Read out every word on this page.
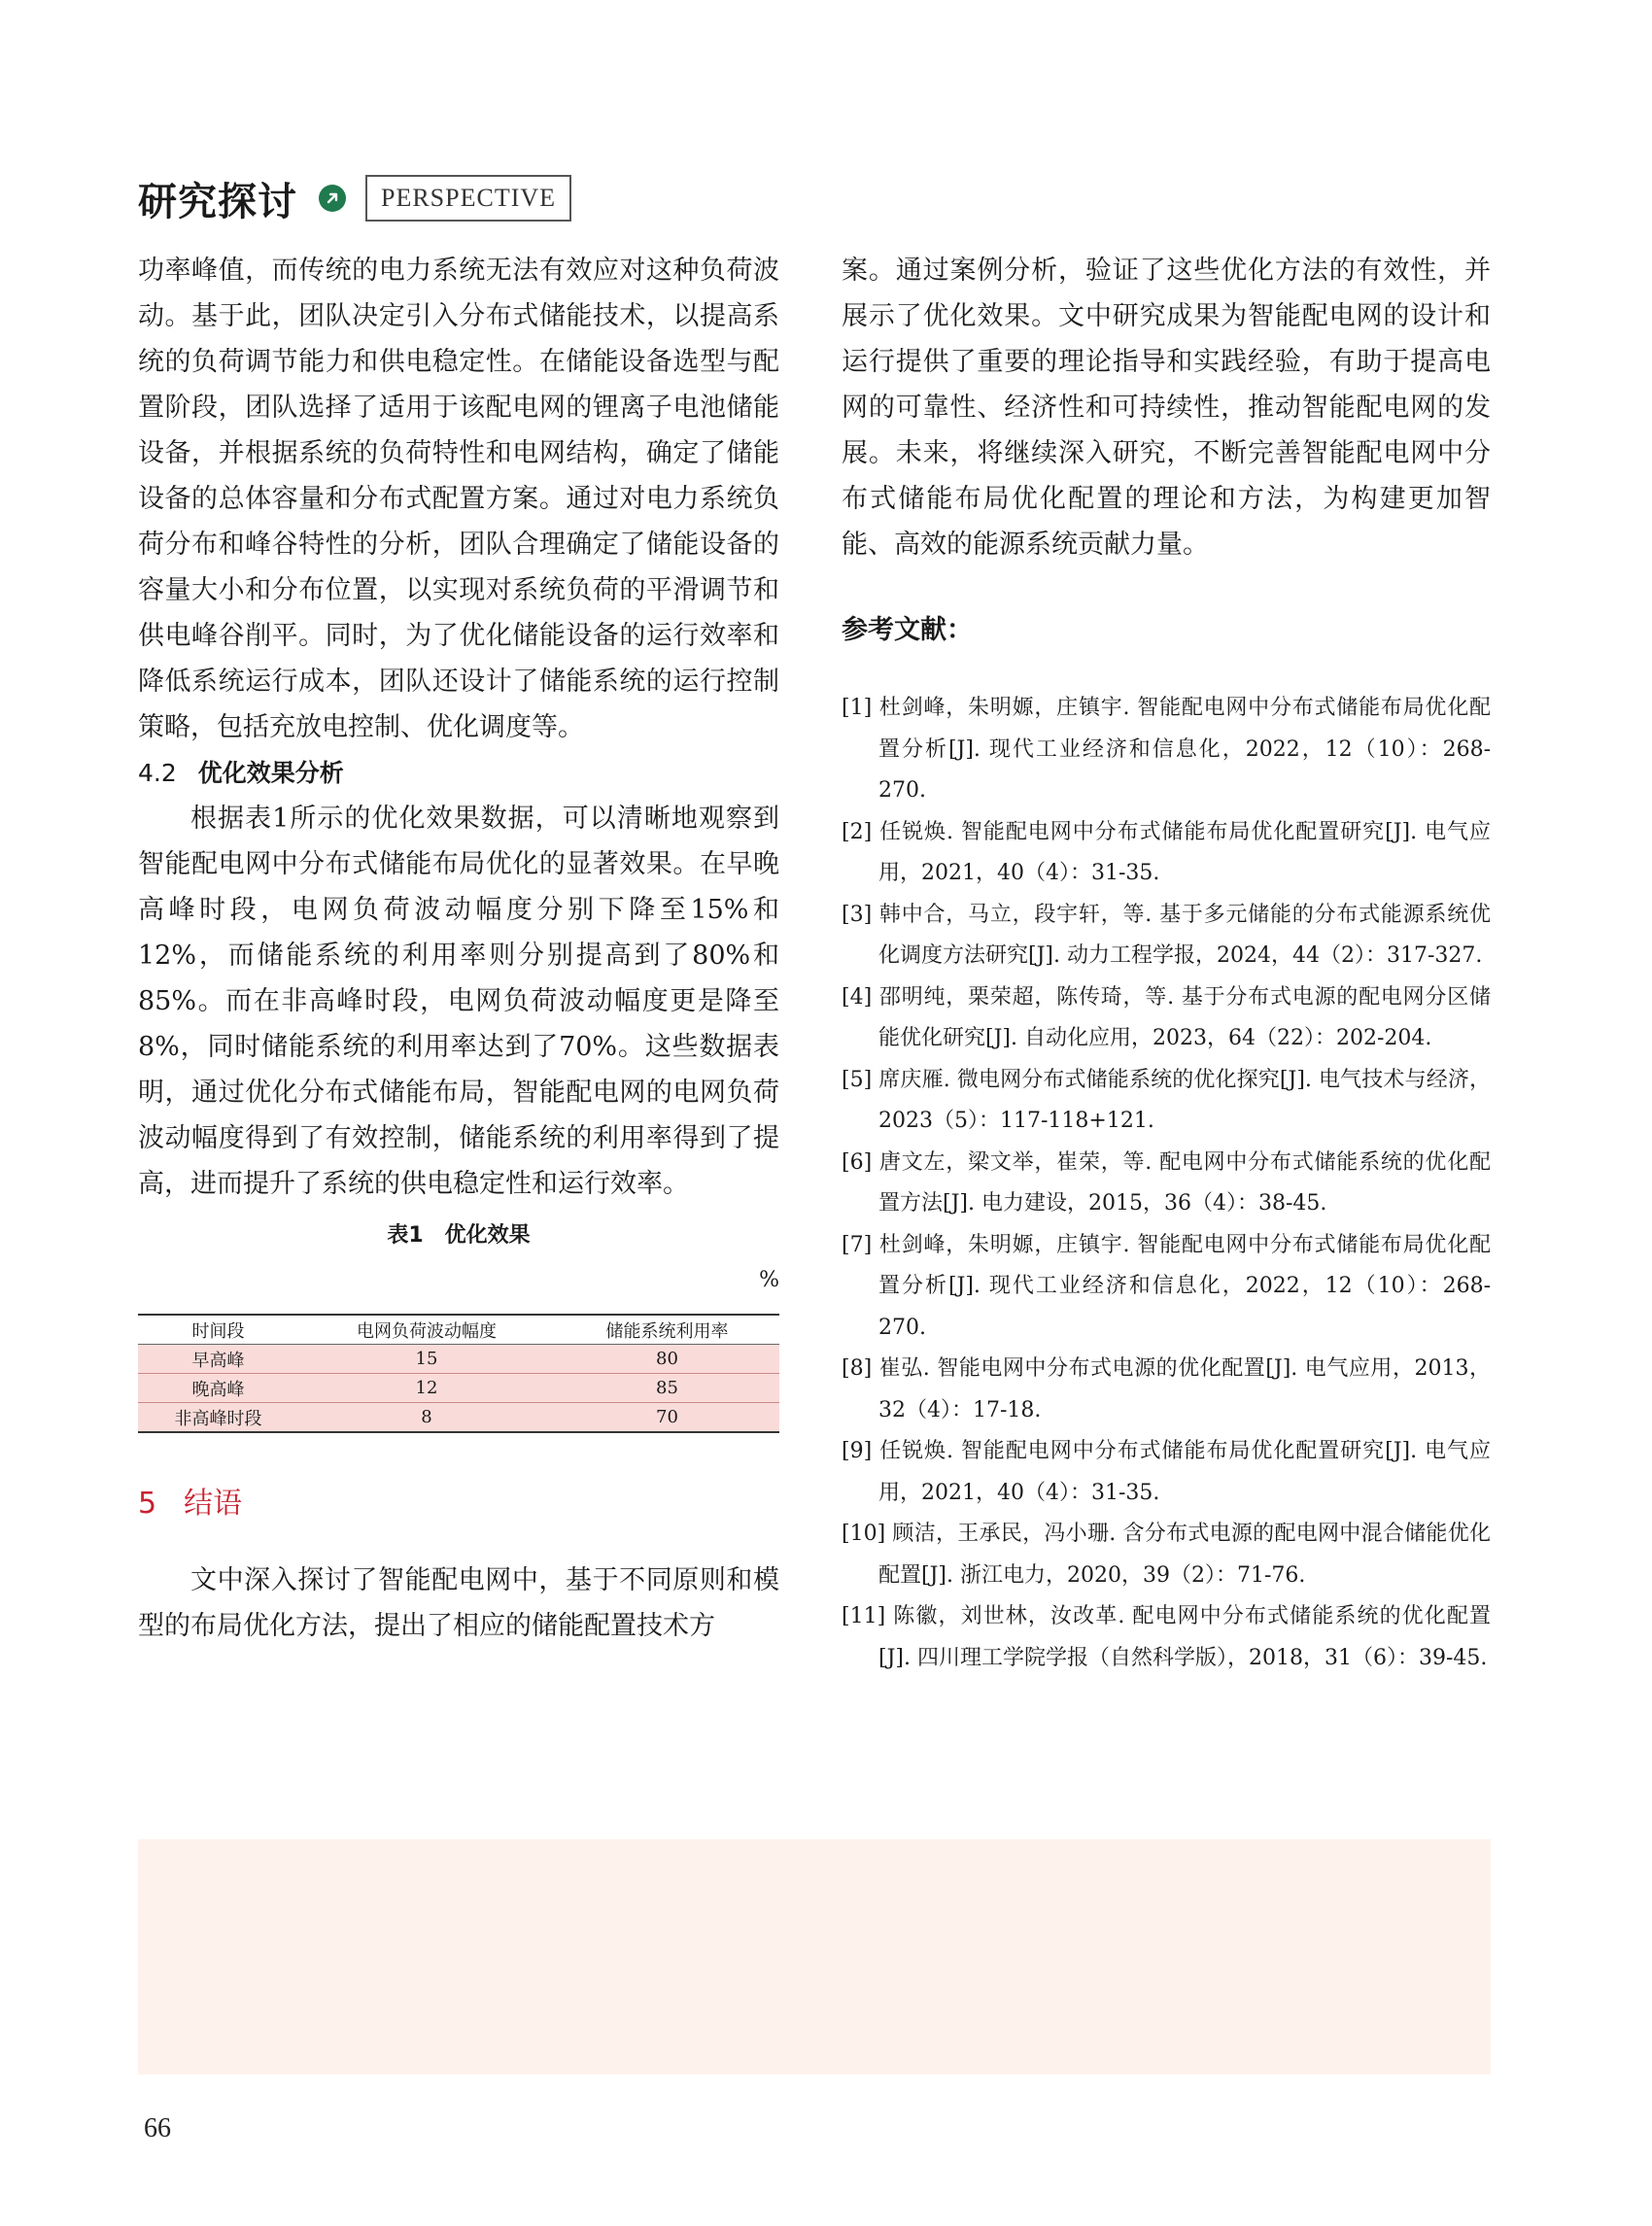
研究探讨	PERSPECTIVE

功率峰值，而传统的电力系统无法有效应对这种负荷波动。基于此，团队决定引入分布式储能技术，以提高系统的负荷调节能力和供电稳定性。在储能设备选型与配置阶段，团队选择了适用于该配电网的锂离子电池储能设备，并根据系统的负荷特性和电网结构，确定了储能设备的总体容量和分布式配置方案。通过对电力系统负荷分布和峰谷特性的分析，团队合理确定了储能设备的容量大小和分布位置，以实现对系统负荷的平滑调节和供电峰谷削平。同时，为了优化储能设备的运行效率和降低系统运行成本，团队还设计了储能系统的运行控制策略，包括充放电控制、优化调度等。

4.2 优化效果分析

根据表1所示的优化效果数据，可以清晰地观察到智能配电网中分布式储能布局优化的显著效果。在早晚高峰时段，电网负荷波动幅度分别下降至15%和12%，而储能系统的利用率则分别提高到了80%和85%。而在非高峰时段，电网负荷波动幅度更是降至8%，同时储能系统的利用率达到了70%。这些数据表明，通过优化分布式储能布局，智能配电网的电网负荷波动幅度得到了有效控制，储能系统的利用率得到了提高，进而提升了系统的供电稳定性和运行效率。

表1　优化效果
%
时间段	电网负荷波动幅度	储能系统利用率
早高峰	15	80
晚高峰	12	85
非高峰时段	8	70
5 结语

文中深入探讨了智能配电网中，基于不同原则和模型的布局优化方法，提出了相应的储能配置技术方

案。通过案例分析，验证了这些优化方法的有效性，并展示了优化效果。文中研究成果为智能配电网的设计和运行提供了重要的理论指导和实践经验，有助于提高电网的可靠性、经济性和可持续性，推动智能配电网的发展。未来，将继续深入研究，不断完善智能配电网中分布式储能布局优化配置的理论和方法，为构建更加智能、高效的能源系统贡献力量。

参考文献：

[1] 杜剑峰，朱明嫄，庄镇宇. 智能配电网中分布式储能布局优化配置分析[J]. 现代工业经济和信息化，2022，12（10）：268-270.

[2] 任锐焕. 智能配电网中分布式储能布局优化配置研究[J]. 电气应用，2021，40（4）：31-35.

[3] 韩中合，马立，段宇轩，等. 基于多元储能的分布式能源系统优化调度方法研究[J]. 动力工程学报，2024，44（2）：317-327.

[4] 邵明纯，栗荣超，陈传琦，等. 基于分布式电源的配电网分区储能优化研究[J]. 自动化应用，2023，64（22）：202-204.

[5] 席庆雁. 微电网分布式储能系统的优化探究[J]. 电气技术与经济，2023（5）：117-118+121.

[6] 唐文左，梁文举，崔荣，等. 配电网中分布式储能系统的优化配置方法[J]. 电力建设，2015，36（4）：38-45.

[7] 杜剑峰，朱明嫄，庄镇宇. 智能配电网中分布式储能布局优化配置分析[J]. 现代工业经济和信息化，2022，12（10）：268-270.

[8] 崔弘. 智能电网中分布式电源的优化配置[J]. 电气应用，2013，32（4）：17-18.

[9] 任锐焕. 智能配电网中分布式储能布局优化配置研究[J]. 电气应用，2021，40（4）：31-35.

[10] 顾洁，王承民，冯小珊. 含分布式电源的配电网中混合储能优化配置[J]. 浙江电力，2020，39（2）：71-76.

[11] 陈徽，刘世林，汝改革. 配电网中分布式储能系统的优化配置[J]. 四川理工学院学报（自然科学版），2018，31（6）：39-45.

66
